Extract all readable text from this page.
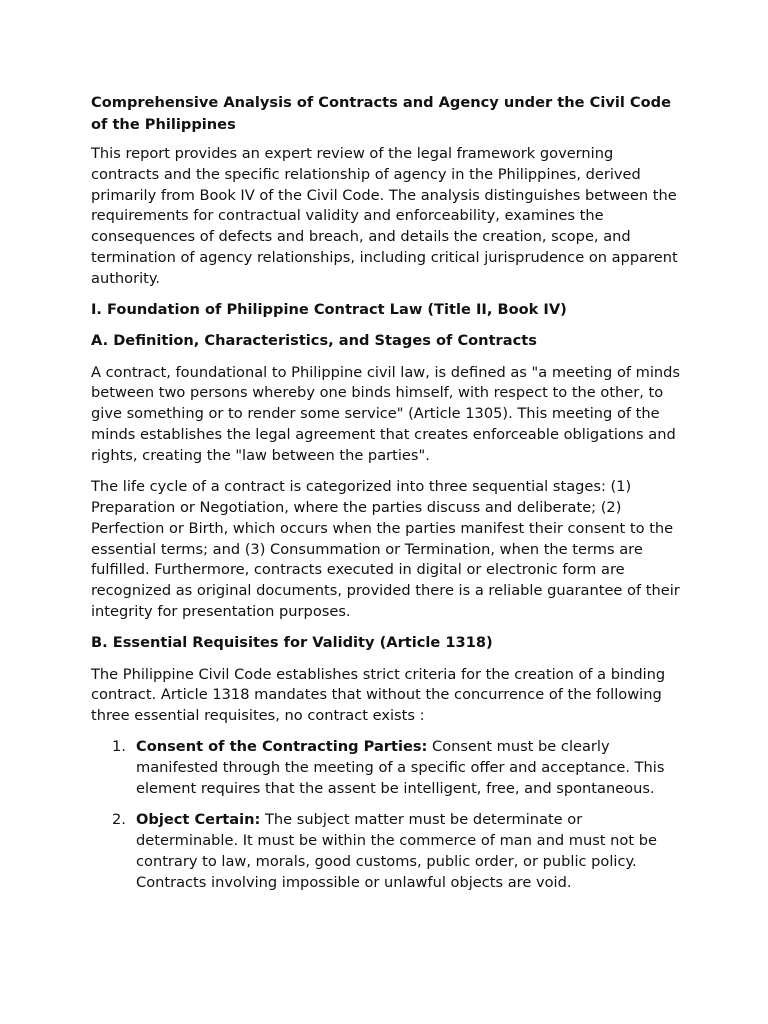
Comprehensive Analysis of Contracts and Agency under the Civil Code of the Philippines

This report provides an expert review of the legal framework governing contracts and the specific relationship of agency in the Philippines, derived primarily from Book IV of the Civil Code. The analysis distinguishes between the requirements for contractual validity and enforceability, examines the consequences of defects and breach, and details the creation, scope, and termination of agency relationships, including critical jurisprudence on apparent authority.

I. Foundation of Philippine Contract Law (Title II, Book IV)
A. Definition, Characteristics, and Stages of Contracts

A contract, foundational to Philippine civil law, is defined as "a meeting of minds between two persons whereby one binds himself, with respect to the other, to give something or to render some service" (Article 1305). This meeting of the minds establishes the legal agreement that creates enforceable obligations and rights, creating the "law between the parties".

The life cycle of a contract is categorized into three sequential stages: (1) Preparation or Negotiation, where the parties discuss and deliberate; (2) Perfection or Birth, which occurs when the parties manifest their consent to the essential terms; and (3) Consummation or Termination, when the terms are fulfilled. Furthermore, contracts executed in digital or electronic form are recognized as original documents, provided there is a reliable guarantee of their integrity for presentation purposes.

B. Essential Requisites for Validity (Article 1318)

The Philippine Civil Code establishes strict criteria for the creation of a binding contract. Article 1318 mandates that without the concurrence of the following three essential requisites, no contract exists :

1. Consent of the Contracting Parties: Consent must be clearly manifested through the meeting of a specific offer and acceptance. This element requires that the assent be intelligent, free, and spontaneous.
2. Object Certain: The subject matter must be determinate or determinable. It must be within the commerce of man and must not be contrary to law, morals, good customs, public order, or public policy. Contracts involving impossible or unlawful objects are void.
